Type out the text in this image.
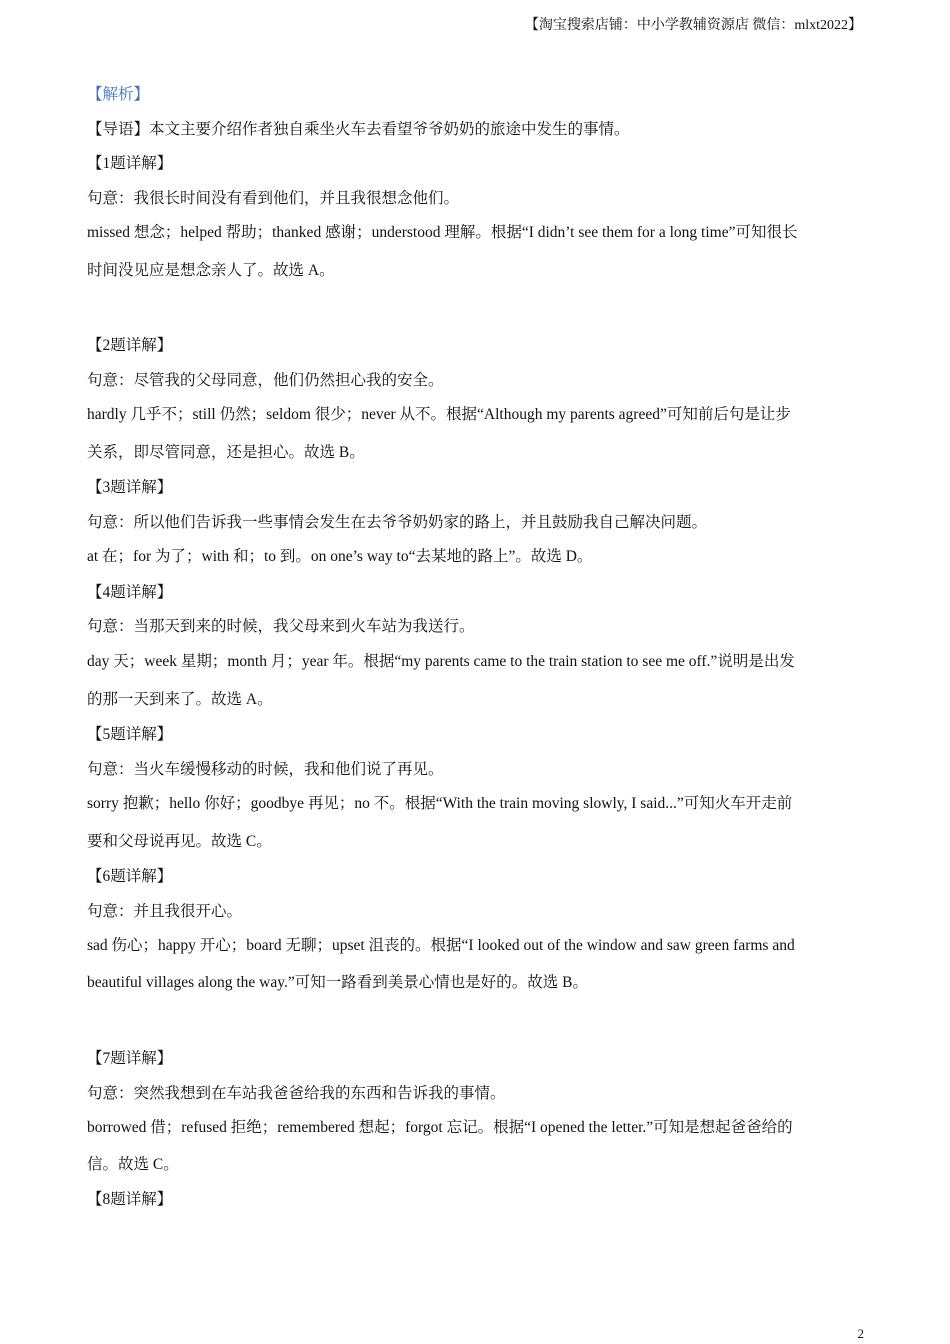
【淘宝搜索店铺：中小学教辅资源店 微信：mlxt2022】
【解析】
【导语】本文主要介绍作者独自乘坐火车去看望爷爷奶奶的旅途中发生的事情。
【1题详解】
句意：我很长时间没有看到他们，并且我很想念他们。
missed 想念；helped 帮助；thanked 感谢；understood 理解。根据“I didn’t see them for a long time”可知很长
时间没见应是想念亲人了。故选 A。
【2题详解】
句意：尽管我的父母同意，他们仍然担心我的安全。
hardly 几乎不；still 仍然；seldom 很少；never 从不。根据“Although my parents agreed”可知前后句是让步
关系，即尽管同意，还是担心。故选 B。
【3题详解】
句意：所以他们告诉我一些事情会发生在去爷爷奶奶家的路上，并且鼓励我自己解决问题。
at 在；for 为了；with 和；to 到。on one’s way to“去某地的路上”。故选 D。
【4题详解】
句意：当那天到来的时候，我父母来到火车站为我送行。
day 天；week 星期；month 月；year 年。根据“my parents came to the train station to see me off.”说明是出发
的那一天到来了。故选 A。
【5题详解】
句意：当火车缓慢移动的时候，我和他们说了再见。
sorry 抱歉；hello 你好；goodbye 再见；no 不。根据“With the train moving slowly, I said...”可知火车开走前
要和父母说再见。故选 C。
【6题详解】
句意：并且我很开心。
sad 伤心；happy 开心；board 无聊；upset 沮丧的。根据“I looked out of the window and saw green farms and
beautiful villages along the way.”可知一路看到美景心情也是好的。故选 B。
【7题详解】
句意：突然我想到在车站我爸爸给我的东西和告诉我的事情。
borrowed 借；refused 拒绝；remembered 想起；forgot 忘记。根据“I opened the letter.”可知是想起爸爸给的
信。故选 C。
【8题详解】
2
